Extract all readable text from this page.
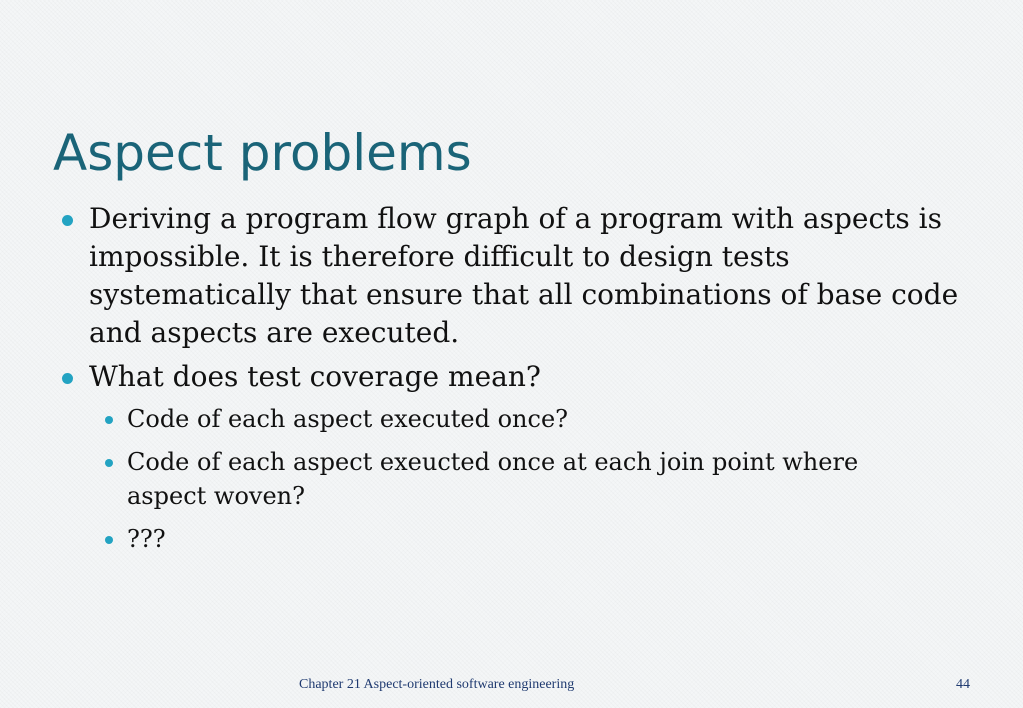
Aspect problems

Deriving a program flow graph of a program with aspects is impossible. It is therefore difficult to design tests systematically that ensure that all combinations of base code and aspects are executed.

What does test coverage mean?

Code of each aspect executed once?

Code of each aspect exeucted once at each join point where aspect woven?

???

Chapter 21 Aspect-oriented software engineering	44
